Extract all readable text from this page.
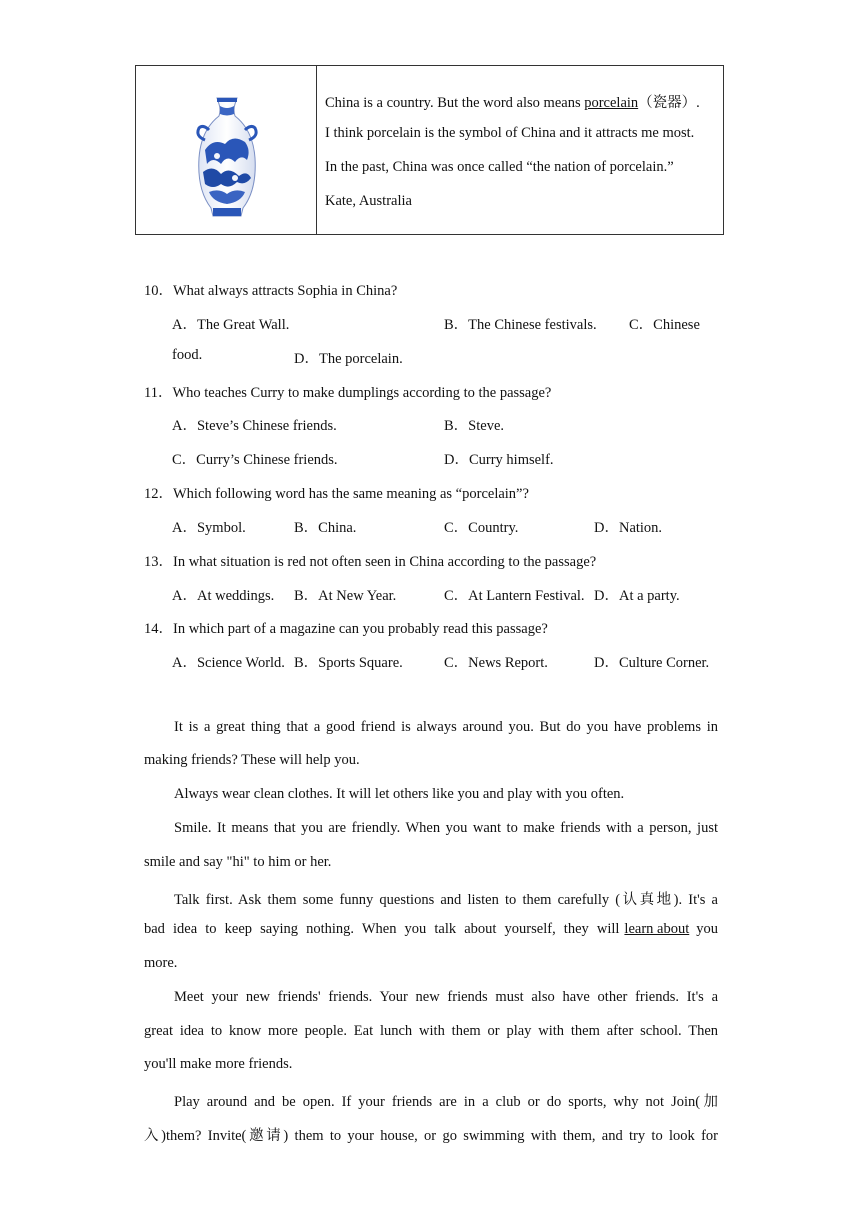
China is a country. But the word also means porcelain（瓷器）.
I think porcelain is the symbol of China and it attracts me most.
In the past, China was once called “the nation of porcelain.”
Kate, Australia
10．What always attracts Sophia in China?
A．The Great Wall.	B．The Chinese festivals. C．Chinese
food.	D．The porcelain.
11．Who teaches Curry to make dumplings according to the passage?
A．Steve’s Chinese friends.	B．Steve.
C．Curry’s Chinese friends.	D．Curry himself.
12．Which following word has the same meaning as “porcelain”?
A．Symbol.	B．China.	C．Country.	D．Nation.
13．In what situation is red not often seen in China according to the passage?
A．At weddings. B．At New Year.	C．At Lantern Festival. D．At a party.
14．In which part of a magazine can you probably read this passage?
A．Science World. B．Sports Square.	C．News Report.	D．Culture Corner.
It is a great thing that a good friend is always around you. But do you have problems in
making friends? These will help you.
Always wear clean clothes. It will let others like you and play with you often.
Smile. It means that you are friendly. When you want to make friends with a person, just
smile and say "hi" to him or her.
Talk first. Ask them some funny questions and listen to them carefully (认真地). It's a
bad idea to keep saying nothing. When you talk about yourself, they will learn about you
more.
Meet your new friends' friends. Your new friends must also have other friends. It's a
great idea to know more people. Eat lunch with them or play with them after school. Then
you'll make more friends.
Play around and be open. If your friends are in a club or do sports, why not Join(加
入)them? Invite(邀请) them to your house, or go swimming with them, and try to look for
